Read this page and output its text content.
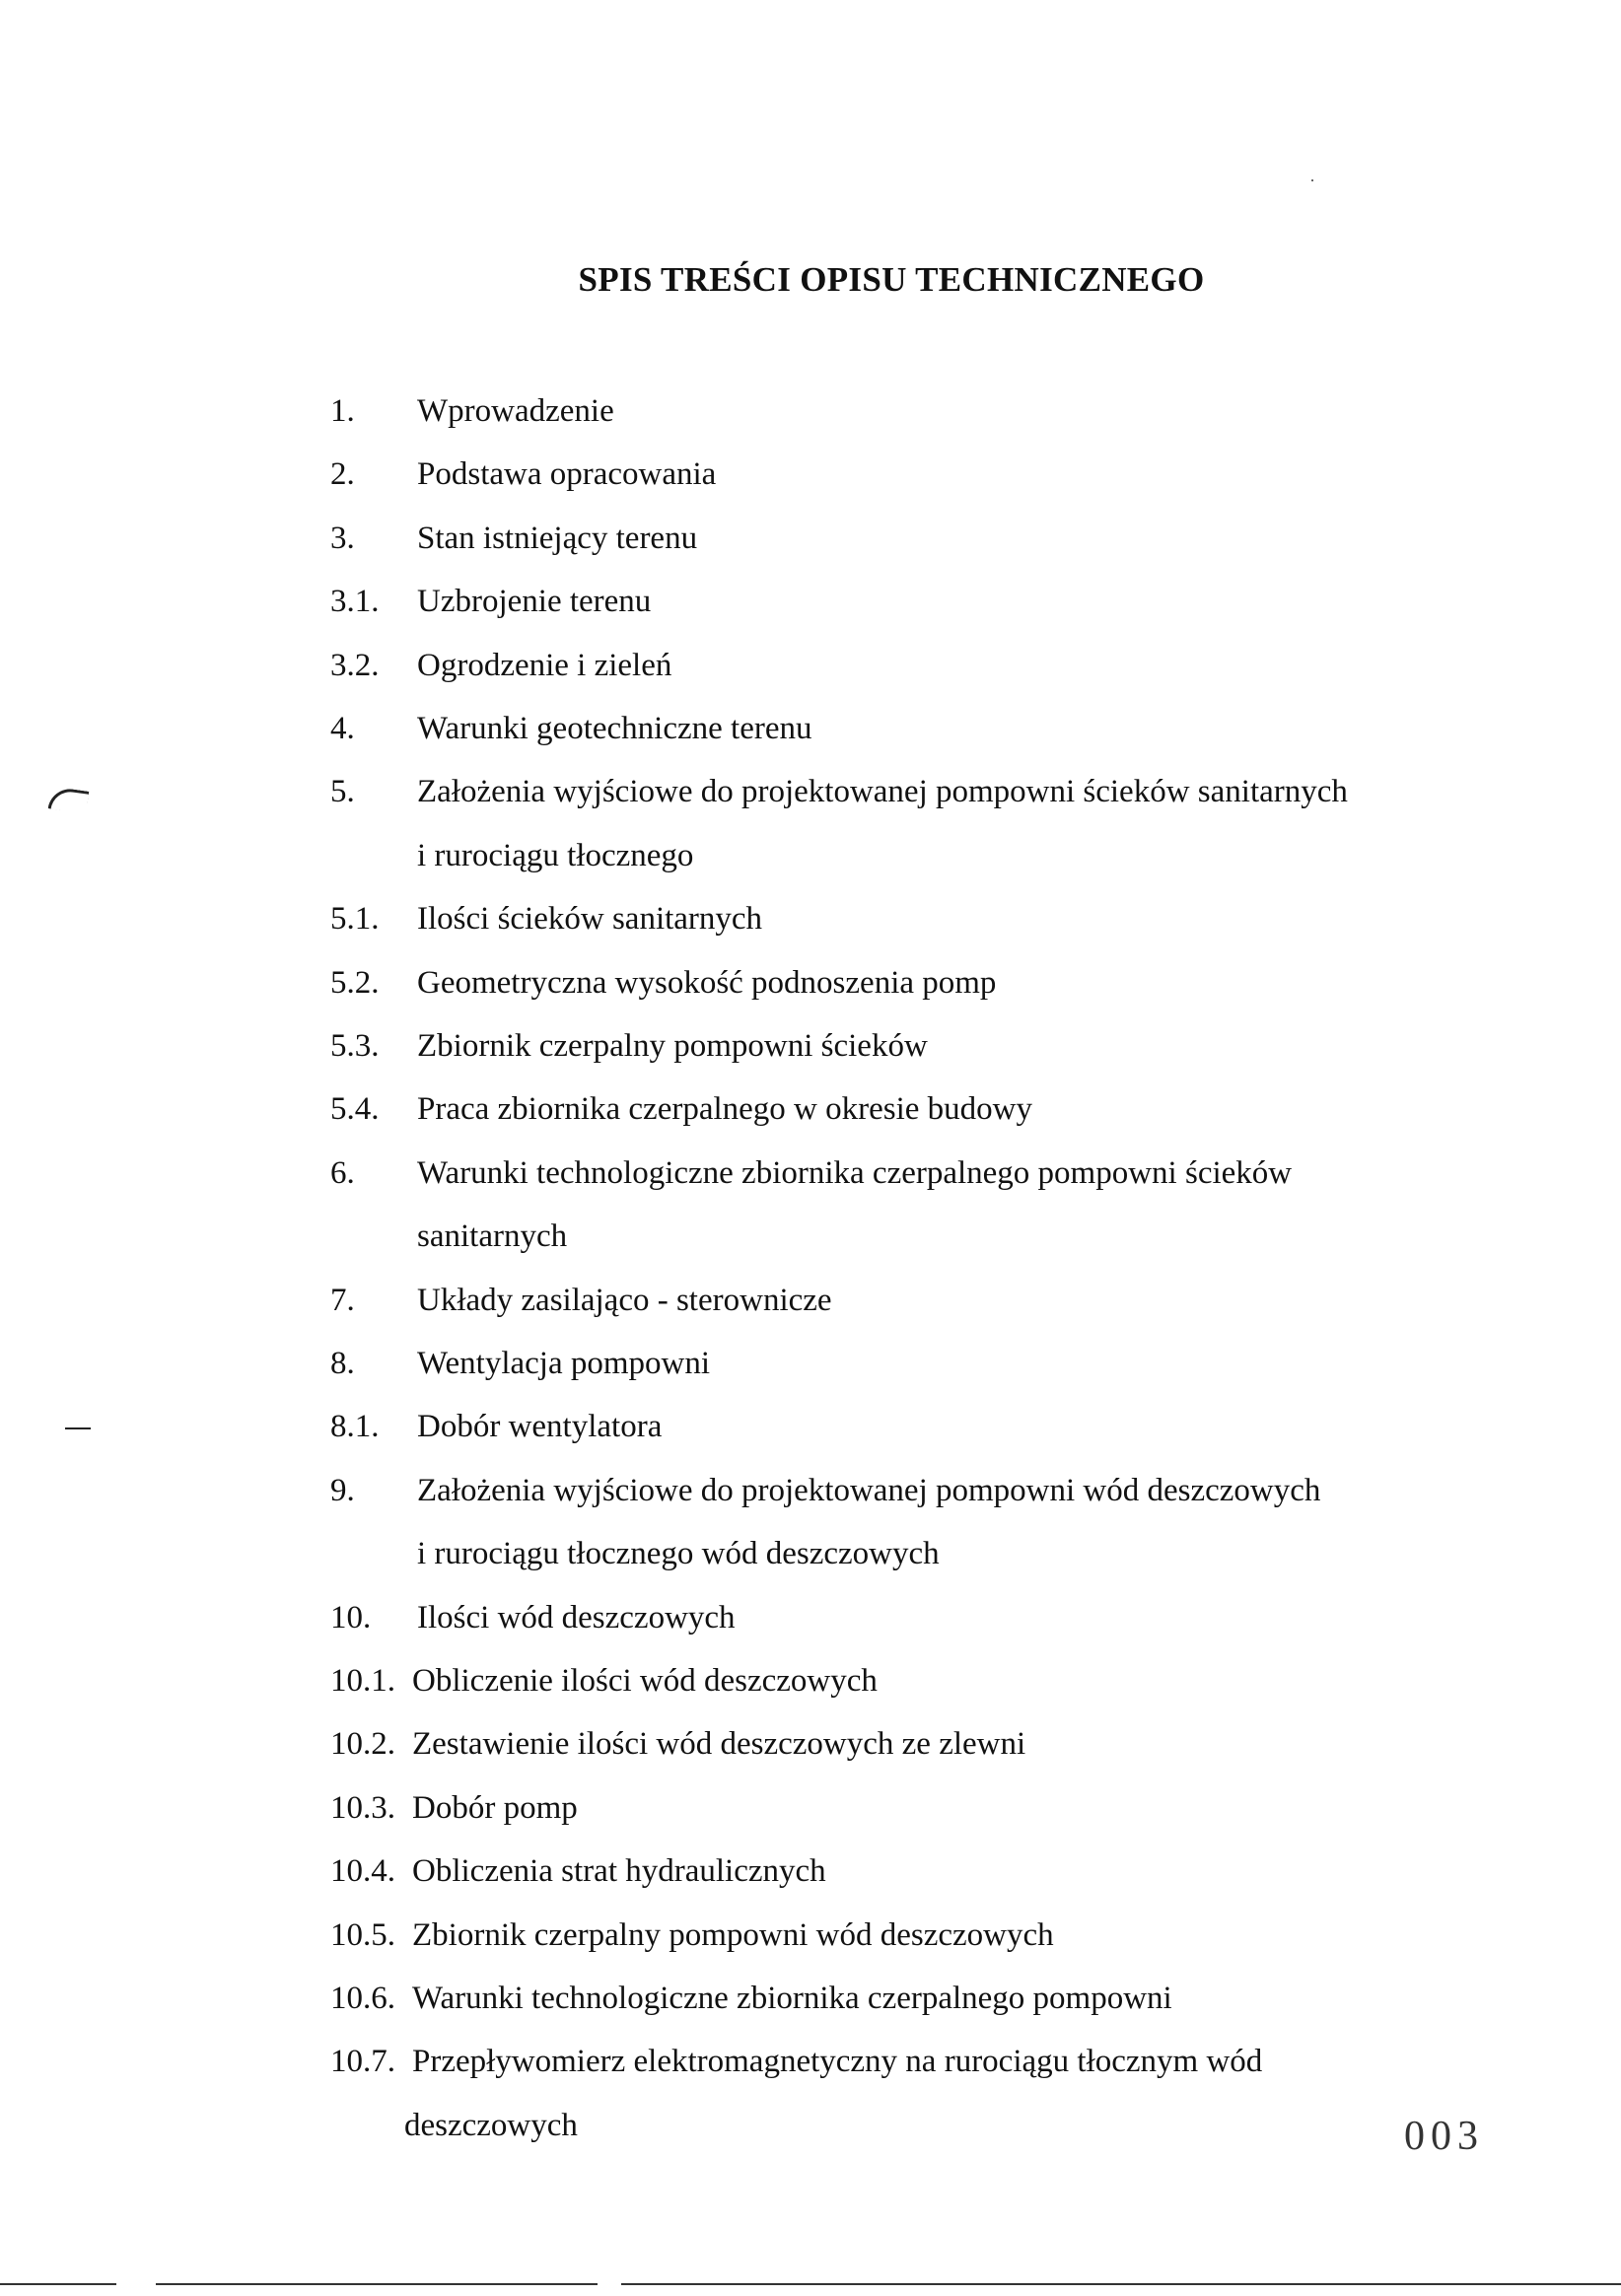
SPIS TREŚCI OPISU TECHNICZNEGO
1. Wprowadzenie
2. Podstawa opracowania
3. Stan istniejący terenu
3.1. Uzbrojenie terenu
3.2. Ogrodzenie i zieleń
4. Warunki geotechniczne terenu
5. Założenia wyjściowe do projektowanej pompowni ścieków sanitarnych
i rurociągu tłocznego
5.1. Ilości ścieków sanitarnych
5.2. Geometryczna wysokość podnoszenia pomp
5.3. Zbiornik czerpalny pompowni ścieków
5.4. Praca zbiornika czerpalnego w okresie budowy
6. Warunki technologiczne zbiornika czerpalnego pompowni ścieków
sanitarnych
7. Układy zasilająco - sterownicze
8. Wentylacja pompowni
8.1. Dobór wentylatora
9. Założenia wyjściowe do projektowanej pompowni wód deszczowych
i rurociągu tłocznego wód deszczowych
10. Ilości wód deszczowych
10.1. Obliczenie ilości wód deszczowych
10.2. Zestawienie ilości wód deszczowych ze zlewni
10.3. Dobór pomp
10.4. Obliczenia strat hydraulicznych
10.5. Zbiornik czerpalny pompowni wód deszczowych
10.6. Warunki technologiczne zbiornika czerpalnego pompowni
10.7. Przepływomierz elektromagnetyczny na rurociągu tłocznym wód
deszczowych	003
